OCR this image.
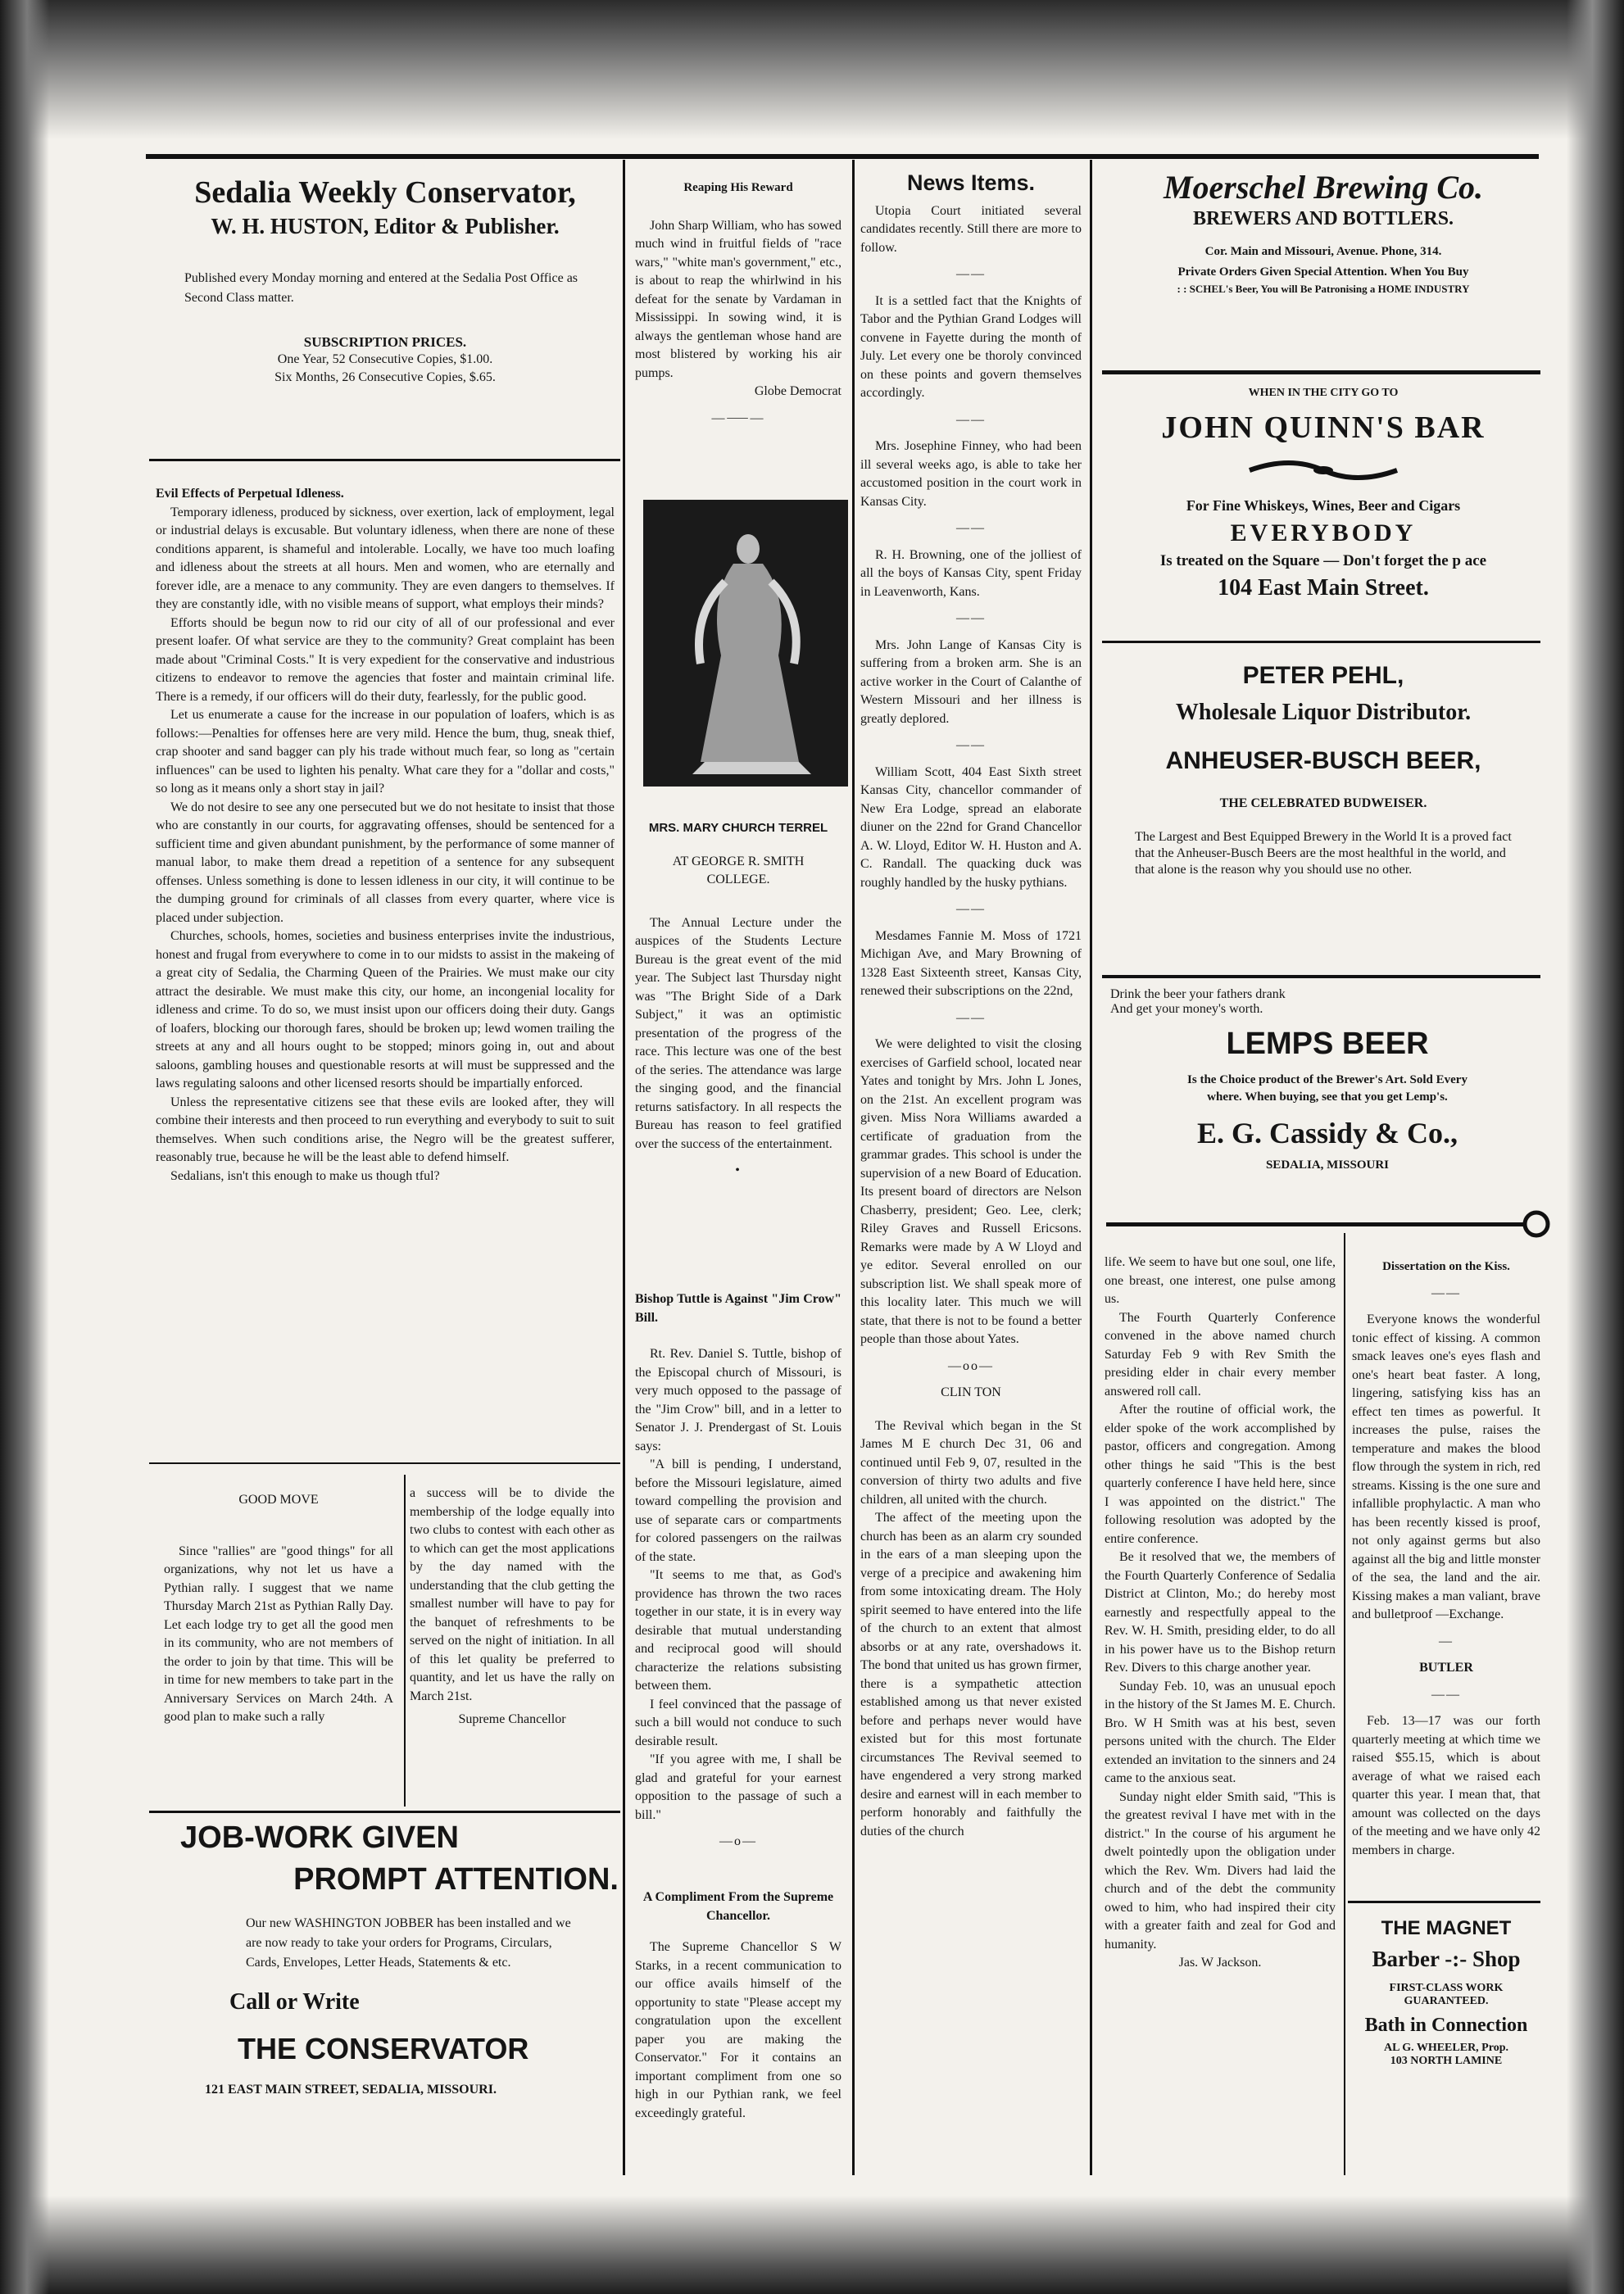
Sedalia Weekly Conservator,
W. H. HUSTON, Editor & Publisher.
Published every Monday morning and entered at the Sedalia Post Office as Second Class matter.
SUBSCRIPTION PRICES.
One Year, 52 Consecutive Copies, $1.00.
Six Months, 26 Consecutive Copies, $.65.
Evil Effects of Perpetual Idleness.

Temporary idleness, produced by sickness, over exertion, lack of employment, legal or industrial delays is excusable. But voluntary idleness, when there are none of these conditions apparent, is shameful and intolerable. Locally, we have too much loafing and idleness about the streets at all hours. Men and women, who are eternally and forever idle, are a menace to any community. They are even dangers to themselves. If they are constantly idle, with no visible means of support, what employs their minds?

Efforts should be begun now to rid our city of all of our professional and ever present loafer. Of what service are they to the community? Great complaint has been made about "Criminal Costs." It is very expedient for the conservative and industrious citizens to endeavor to remove the agencies that foster and maintain criminal life. There is a remedy, if our officers will do their duty, fearlessly, for the public good.

Let us enumerate a cause for the increase in our population of loafers, which is as follows:—Penalties for offenses here are very mild. Hence the bum, thug, sneak thief, crap shooter and sand bagger can ply his trade without much fear, so long as "certain influences" can be used to lighten his penalty. What care they for a "dollar and costs," so long as it means only a short stay in jail?

We do not desire to see any one persecuted but we do not hesitate to insist that those who are constantly in our courts, for aggravating offenses, should be sentenced for a sufficient time and given abundant punishment, by the performance of some manner of manual labor, to make them dread a repetition of a sentence for any subsequent offenses. Unless something is done to lessen idleness in our city, it will continue to be the dumping ground for criminals of all classes from every quarter, where vice is placed under subjection.

Churches, schools, homes, societies and business enterprises invite the industrious, honest and frugal from everywhere to come in to our midsts to assist in the makeing of a great city of Sedalia, the Charming Queen of the Prairies. We must make our city attract the desirable. We must make this city, our home, an incongenial locality for idleness and crime. To do so, we must insist upon our officers doing their duty. Gangs of loafers, blocking our thorough fares, should be broken up; lewd women trailing the streets at any and all hours ought to be stopped; minors going in, out and about saloons, gambling houses and questionable resorts at will must be suppressed and the laws regulating saloons and other licensed resorts should be impartially enforced.

Unless the representative citizens see that these evils are looked after, they will combine their interests and then proceed to run everything and everybody to suit to suit themselves. When such conditions arise, the Negro will be the greatest sufferer, reasonably true, because he will be the least able to defend himself.

Sedalians, isn't this enough to make us though tful?

GOOD MOVE

Since "rallies" are "good things" for all organizations, why not let us have a Pythian rally. I suggest that we name Thursday March 21st as Pythian Rally Day. Let each lodge try to get all the good men in its community, who are not members of the order to join by that time. This will be in time for new members to take part in the Anniversary Services on March 24th. A good plan to make such a rally

a success will be to divide the membership of the lodge equally into two clubs to contest with each other as to which can get the most applications by the day named with the understanding that the club getting the smallest number will have to pay for the banquet of refreshments to be served on the night of initiation. In all of this let quality be preferred to quantity, and let us have the rally on March 21st.

Supreme Chancellor
JOB-WORK GIVEN
PROMPT ATTENTION.
Our new WASHINGTON JOBBER has been installed and we are now ready to take your orders for Programs, Circulars, Cards, Envelopes, Letter Heads, Statements & etc.
Call or Write
THE CONSERVATOR
121 EAST MAIN STREET, SEDALIA, MISSOURI.
Reaping His Reward

John Sharp William, who has sowed much wind in fruitful fields of "race wars," "white man's government," etc., is about to reap the whirlwind in his defeat for the senate by Vardaman in Mississippi. In sowing wind, it is always the gentleman whose hand are most blistered by working his air pumps.

Globe Democrat
—⸺—
MRS. MARY CHURCH TERREL
AT GEORGE R. SMITH
COLLEGE.

The Annual Lecture under the auspices of the Students Lecture Bureau is the great event of the mid year. The Subject last Thursday night was "The Bright Side of a Dark Subject," it was an optimistic presentation of the progress of the race. This lecture was one of the best of the series. The attendance was large the singing good, and the financial returns satisfactory. In all respects the Bureau has reason to feel gratified over the success of the entertainment.

•
Bishop Tuttle is Against "Jim Crow" Bill.

Rt. Rev. Daniel S. Tuttle, bishop of the Episcopal church of Missouri, is very much opposed to the passage of the "Jim Crow" bill, and in a letter to Senator J. J. Prendergast of St. Louis says:

"A bill is pending, I understand, before the Missouri legislature, aimed toward compelling the provision and use of separate cars or compartments for colored passengers on the railwas of the state.

"It seems to me that, as God's providence has thrown the two races together in our state, it is in every way desirable that mutual understanding and reciprocal good will should characterize the relations subsisting between them.

I feel convinced that the passage of such a bill would not conduce to such desirable result.

"If you agree with me, I shall be glad and grateful for your earnest opposition to the passage of such a bill."

—o—
A Compliment From the Supreme Chancellor.

The Supreme Chancellor S W Starks, in a recent communication to our office avails himself of the opportunity to state "Please accept my congratulation upon the excellent paper you are making the Conservator." For it contains an important compliment from one so high in our Pythian rank, we feel exceedingly grateful.

News Items.

Utopia Court initiated several candidates recently. Still there are more to follow.

——

It is a settled fact that the Knights of Tabor and the Pythian Grand Lodges will convene in Fayette during the month of July. Let every one be thoroly convinced on these points and govern themselves accordingly.

——

Mrs. Josephine Finney, who had been ill several weeks ago, is able to take her accustomed position in the court work in Kansas City.

——

R. H. Browning, one of the jolliest of all the boys of Kansas City, spent Friday in Leavenworth, Kans.

——

Mrs. John Lange of Kansas City is suffering from a broken arm. She is an active worker in the Court of Calanthe of Western Missouri and her illness is greatly deplored.

——

William Scott, 404 East Sixth street Kansas City, chancellor commander of New Era Lodge, spread an elaborate diuner on the 22nd for Grand Chancellor A. W. Lloyd, Editor W. H. Huston and A. C. Randall. The quacking duck was roughly handled by the husky pythians.

——

Mesdames Fannie M. Moss of 1721 Michigan Ave, and Mary Browning of 1328 East Sixteenth street, Kansas City, renewed their subscriptions on the 22nd,

——

We were delighted to visit the closing exercises of Garfield school, located near Yates and tonight by Mrs. John L Jones, on the 21st. An excellent program was given. Miss Nora Williams awarded a certificate of graduation from the grammar grades. This school is under the supervision of a new Board of Education. Its present board of directors are Nelson Chasberry, president; Geo. Lee, clerk; Riley Graves and Russell Ericsons. Remarks were made by A W Lloyd and ye editor. Several enrolled on our subscription list. We shall speak more of this locality later. This much we will state, that there is not to be found a better people than those about Yates.

—oo—
CLIN TON

The Revival which began in the St James M E church Dec 31, 06 and continued until Feb 9, 07, resulted in the conversion of thirty two adults and five children, all united with the church.

The affect of the meeting upon the church has been as an alarm cry sounded in the ears of a man sleeping upon the verge of a precipice and awakening him from some intoxicating dream. The Holy spirit seemed to have entered into the life of the church to an extent that almost absorbs or at any rate, overshadows it. The bond that united us has grown firmer, there is a sympathetic attection established among us that never existed before and perhaps never would have existed but for this most fortunate circumstances The Revival seemed to have engendered a very strong marked desire and earnest will in each member to perform honorably and faithfully the duties of the church

Moerschel Brewing Co.
BREWERS AND BOTTLERS.
Cor. Main and Missouri, Avenue. Phone, 314.
Private Orders Given Special Attention. When You Buy
: : SCHEL's Beer, You will Be Patronising a HOME INDUSTRY
WHEN IN THE CITY GO TO
JOHN QUINN'S BAR
For Fine Whiskeys, Wines, Beer and Cigars
EVERYBODY
Is treated on the Square — Don't forget the p ace
104 East Main Street.
PETER PEHL,
Wholesale Liquor Distributor.
ANHEUSER-BUSCH BEER,
THE CELEBRATED BUDWEISER.
The Largest and Best Equipped Brewery in the World It is a proved fact that the Anheuser-Busch Beers are the most healthful in the world, and that alone is the reason why you should use no other.
Drink the beer your fathers drank
And get your money's worth.
LEMPS BEER
Is the Choice product of the Brewer's Art. Sold Every
where. When buying, see that you get Lemp's.
E. G. Cassidy & Co.,
SEDALIA, MISSOURI

life. We seem to have but one soul, one life, one breast, one interest, one pulse among us.

The Fourth Quarterly Conference convened in the above named church Saturday Feb 9 with Rev Smith the presiding elder in chair every member answered roll call.

After the routine of official work, the elder spoke of the work accomplished by pastor, officers and congregation. Among other things he said "This is the best quarterly conference I have held here, since I was appointed on the district." The following resolution was adopted by the entire conference.

Be it resolved that we, the members of the Fourth Quarterly Conference of Sedalia District at Clinton, Mo.; do hereby most earnestly and respectfully appeal to the Rev. W. H. Smith, presiding elder, to do all in his power have us to the Bishop return Rev. Divers to this charge another year.

Sunday Feb. 10, was an unusual epoch in the history of the St James M. E. Church. Bro. W H Smith was at his best, seven persons united with the church. The Elder extended an invitation to the sinners and 24 came to the anxious seat.

Sunday night elder Smith said, "This is the greatest revival I have met with in the district." In the course of his argument he dwelt pointedly upon the obligation under which the Rev. Wm. Divers had laid the church and of the debt the community owed to him, who had inspired their city with a greater faith and zeal for God and humanity.

Jas. W Jackson.
Dissertation on the Kiss.
——

Everyone knows the wonderful tonic effect of kissing. A common smack leaves one's eyes flash and one's heart beat faster. A long, lingering, satisfying kiss has an effect ten times as powerful. It increases the pulse, raises the temperature and makes the blood flow through the system in rich, red streams. Kissing is the one sure and infallible prophylactic. A man who has been recently kissed is proof, not only against germs but also against all the big and little monster of the sea, the land and the air. Kissing makes a man valiant, brave and bulletproof —Exchange.

—
BUTLER
——

Feb. 13—17 was our forth quarterly meeting at which time we raised $55.15, which is about average of what we raised each quarter this year. I mean that, that amount was collected on the days of the meeting and we have only 42 members in charge.

THE MAGNET
Barber -:- Shop
FIRST-CLASS WORK
GUARANTEED.
Bath in Connection
AL G. WHEELER, Prop.
103 NORTH LAMINE
